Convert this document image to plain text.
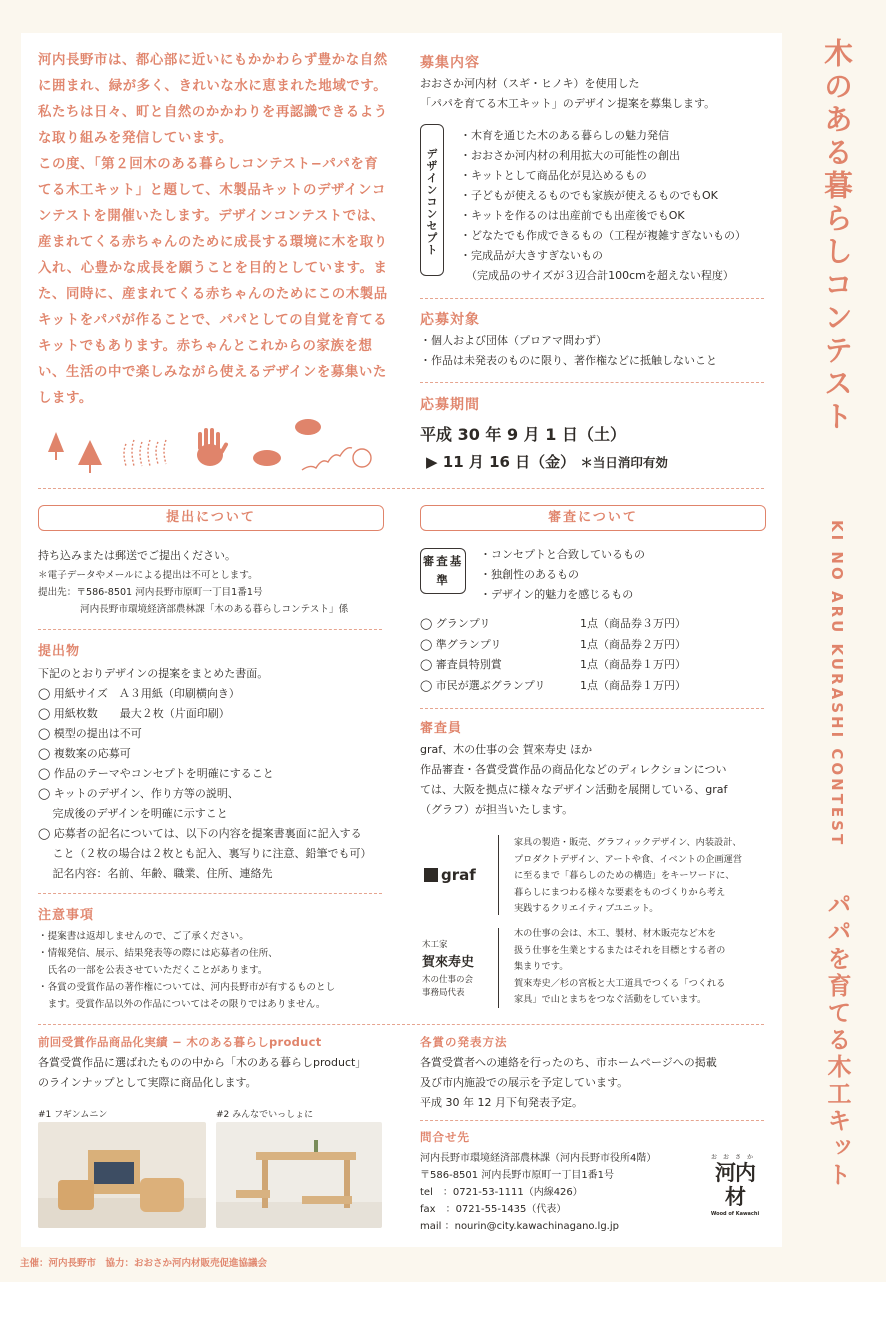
木のある暮らしコンテスト
KI NO ARU KURASHI CONTEST
パパを育てる木工キット

河内長野市は、都心部に近いにもかかわらず豊かな自然に囲まれ、緑が多く、きれいな水に恵まれた地域です。私たちは日々、町と自然のかかわりを再認識できるような取り組みを発信しています。

この度、「第２回木のある暮らしコンテスト−パパを育てる木工キット」と題して、木製品キットのデザインコンテストを開催いたします。デザインコンテストでは、産まれてくる赤ちゃんのために成長する環境に木を取り入れ、心豊かな成長を願うことを目的としています。また、同時に、産まれてくる赤ちゃんのためにこの木製品キットをパパが作ることで、パパとしての自覚を育てるキットでもあります。赤ちゃんとこれからの家族を想い、生活の中で楽しみながら使えるデザインを募集いたします。

募集内容
おおさか河内材（スギ・ヒノキ）を使用した
「パパを育てる木工キット」のデザイン提案を募集します。
デザインコンセプト
・木育を通じた木のある暮らしの魅力発信
・おおさか河内材の利用拡大の可能性の創出
・キットとして商品化が見込めるもの
・子どもが使えるものでも家族が使えるものでもOK
・キットを作るのは出産前でも出産後でもOK
・どなたでも作成できるもの（工程が複雑すぎないもの）
・完成品が大きすぎないもの
（完成品のサイズが３辺合計100cmを超えない程度）
応募対象
・個人および団体（プロアマ問わず）
・作品は未発表のものに限り、著作権などに抵触しないこと
応募期間
平成 30 年 9 月 1 日（土）
▶ 11 月 16 日（金） ＊当日消印有効
提出について
持ち込みまたは郵送でご提出ください。
＊電子データやメールによる提出は不可とします。
提出先：〒586-8501 河内長野市原町一丁目1番1号
河内長野市環境経済部農林課「木のある暮らしコンテスト」係
提出物
下記のとおりデザインの提案をまとめた書面。
◯ 用紙サイズ　Ａ３用紙（印刷横向き）
◯ 用紙枚数　　最大２枚（片面印刷）
◯ 模型の提出は不可
◯ 複数案の応募可
◯ 作品のテーマやコンセプトを明確にすること
◯ キットのデザイン、作り方等の説明、
　 完成後のデザインを明確に示すこと
◯ 応募者の記名については、以下の内容を提案書裏面に記入する
　 こと（２枚の場合は２枚とも記入、裏写りに注意、鉛筆でも可）
　 記名内容：名前、年齢、職業、住所、連絡先
注意事項
・提案書は返却しませんので、ご了承ください。
・情報発信、展示、結果発表等の際には応募者の住所、
　氏名の一部を公表させていただくことがあります。
・各賞の受賞作品の著作権については、河内長野市が有するものとし
　ます。受賞作品以外の作品についてはその限りではありません。
審査について
審査基準
・コンセプトと合致しているもの
・独創性のあるもの
・デザイン的魅力を感じるもの
◯ グランプリ
◯ 準グランプリ
◯ 審査員特別賞
◯ 市民が選ぶグランプリ
1点（商品券３万円）
1点（商品券２万円）
1点（商品券１万円）
1点（商品券１万円）
審査員
graf、木の仕事の会 賀來寿史 ほか
作品審査・各賞受賞作品の商品化などのディレクションについ
ては、大阪を拠点に様々なデザイン活動を展開している、graf
（グラフ）が担当いたします。
graf
家具の製造・販売、グラフィックデザイン、内装設計、
プロダクトデザイン、アートや食、イベントの企画運営
に至るまで「暮らしのための構造」をキーワードに、
暮らしにまつわる様々な要素をものづくりから考え
実践するクリエイティブユニット。
木工家
賀來寿史
木の仕事の会
事務局代表
木の仕事の会は、木工、製材、材木販売など木を
扱う仕事を生業とするまたはそれを目標とする者の
集まりです。
賀來寿史／杉の宮板と大工道具でつくる「つくれる
家具」で山とまちをつなぐ活動をしています。
前回受賞作品商品化実績 − 木のある暮らしproduct
各賞受賞作品に選ばれたものの中から「木のある暮らしproduct」
のラインナップとして実際に商品化します。
#1 フギンムニン	#2 みんなでいっしょに
各賞の発表方法
各賞受賞者への連絡を行ったのち、市ホームページへの掲載
及び市内施設での展示を予定しています。
平成 30 年 12 月下旬発表予定。
問合せ先
河内長野市環境経済部農林課（河内長野市役所4階）
〒586-8501 河内長野市原町一丁目1番1号
tel　：0721-53-1111（内線426）
fax　：0721-55-1435（代表）
mail ：nourin@city.kawachinagano.lg.jp
おおさか
河内材
Wood of Kawachi
主催：河内長野市　協力：おおさか河内材販売促進協議会
